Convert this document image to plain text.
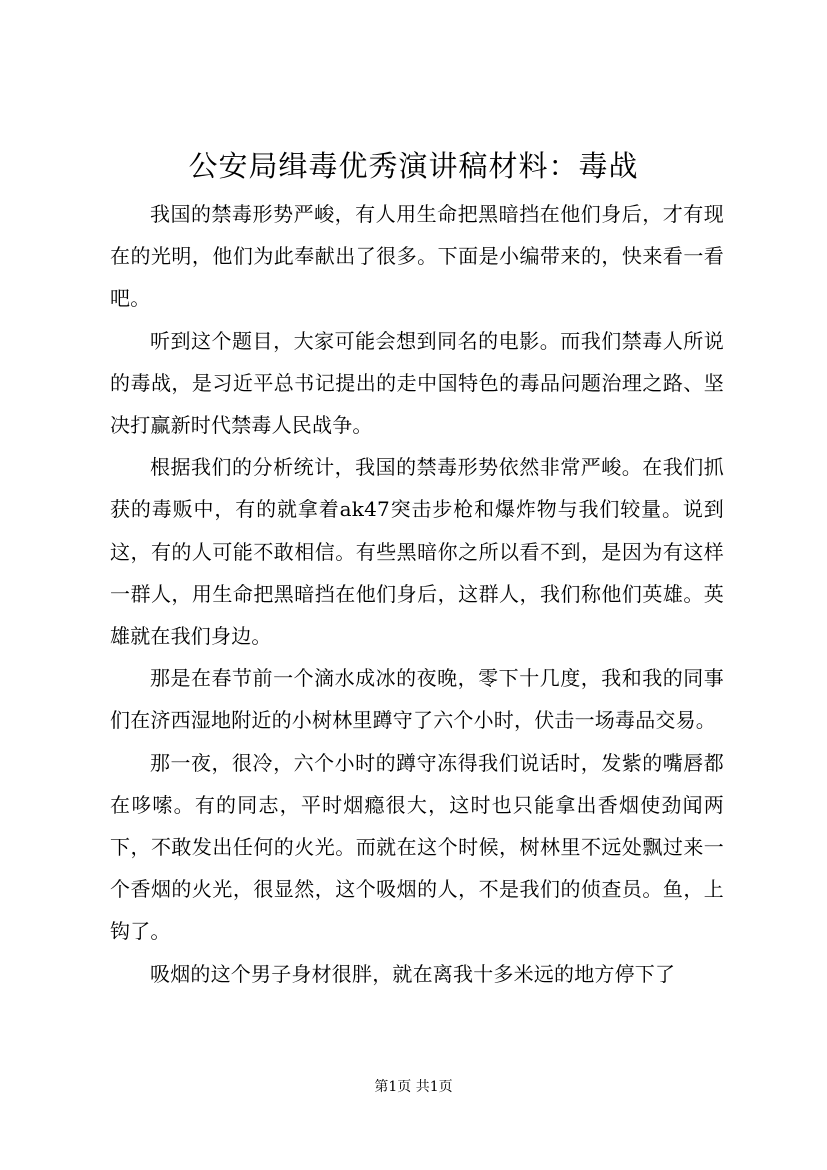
公安局缉毒优秀演讲稿材料：毒战

我国的禁毒形势严峻，有人用生命把黑暗挡在他们身后，才有现在的光明，他们为此奉献出了很多。下面是小编带来的，快来看一看吧。

听到这个题目，大家可能会想到同名的电影。而我们禁毒人所说的毒战，是习近平总书记提出的走中国特色的毒品问题治理之路、坚决打赢新时代禁毒人民战争。

根据我们的分析统计，我国的禁毒形势依然非常严峻。在我们抓获的毒贩中，有的就拿着ak47突击步枪和爆炸物与我们较量。说到这，有的人可能不敢相信。有些黑暗你之所以看不到，是因为有这样一群人，用生命把黑暗挡在他们身后，这群人，我们称他们英雄。英雄就在我们身边。

那是在春节前一个滴水成冰的夜晚，零下十几度，我和我的同事们在济西湿地附近的小树林里蹲守了六个小时，伏击一场毒品交易。

那一夜，很冷，六个小时的蹲守冻得我们说话时，发紫的嘴唇都在哆嗦。有的同志，平时烟瘾很大，这时也只能拿出香烟使劲闻两下，不敢发出任何的火光。而就在这个时候，树林里不远处飘过来一个香烟的火光，很显然，这个吸烟的人，不是我们的侦查员。鱼，上钩了。

吸烟的这个男子身材很胖，就在离我十多米远的地方停下了

第1页 共1页
